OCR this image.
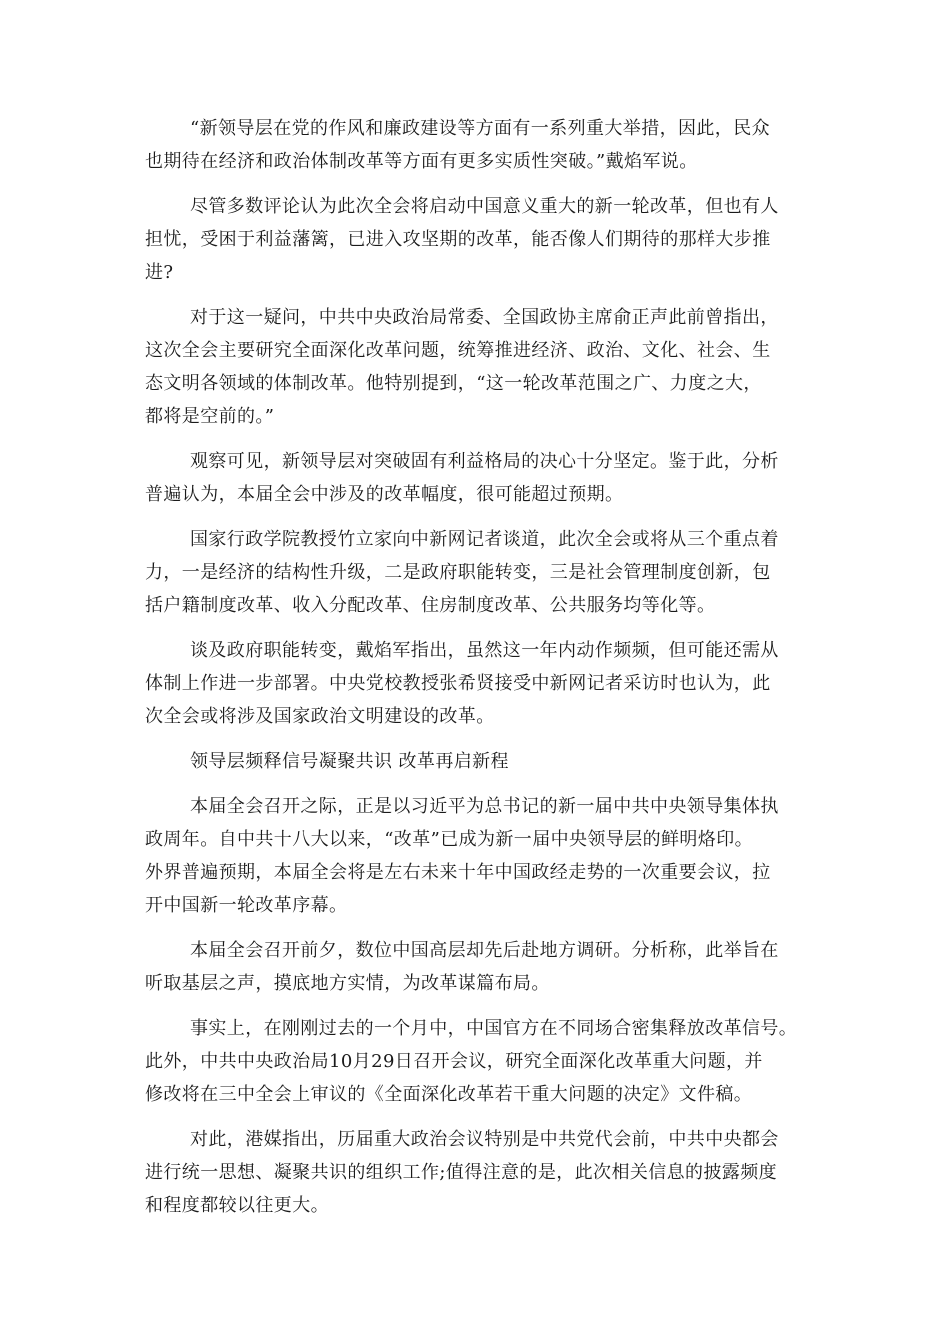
“新领导层在党的作风和廉政建设等方面有一系列重大举措，因此，民众
也期待在经济和政治体制改革等方面有更多实质性突破。”戴焰军说。

尽管多数评论认为此次全会将启动中国意义重大的新一轮改革，但也有人
担忧，受困于利益藩篱，已进入攻坚期的改革，能否像人们期待的那样大步推
进?

对于这一疑问，中共中央政治局常委、全国政协主席俞正声此前曾指出，
这次全会主要研究全面深化改革问题，统筹推进经济、政治、文化、社会、生
态文明各领域的体制改革。他特别提到，“这一轮改革范围之广、力度之大，
都将是空前的。”

观察可见，新领导层对突破固有利益格局的决心十分坚定。鉴于此，分析
普遍认为，本届全会中涉及的改革幅度，很可能超过预期。

国家行政学院教授竹立家向中新网记者谈道，此次全会或将从三个重点着
力，一是经济的结构性升级，二是政府职能转变，三是社会管理制度创新，包
括户籍制度改革、收入分配改革、住房制度改革、公共服务均等化等。

谈及政府职能转变，戴焰军指出，虽然这一年内动作频频，但可能还需从
体制上作进一步部署。中央党校教授张希贤接受中新网记者采访时也认为，此
次全会或将涉及国家政治文明建设的改革。

领导层频释信号凝聚共识 改革再启新程

本届全会召开之际，正是以习近平为总书记的新一届中共中央领导集体执
政周年。自中共十八大以来，“改革”已成为新一届中央领导层的鲜明烙印。
外界普遍预期，本届全会将是左右未来十年中国政经走势的一次重要会议，拉
开中国新一轮改革序幕。

本届全会召开前夕，数位中国高层却先后赴地方调研。分析称，此举旨在
听取基层之声，摸底地方实情，为改革谋篇布局。

事实上，在刚刚过去的一个月中，中国官方在不同场合密集释放改革信号。
此外，中共中央政治局10月29日召开会议，研究全面深化改革重大问题，并
修改将在三中全会上审议的《全面深化改革若干重大问题的决定》文件稿。

对此，港媒指出，历届重大政治会议特别是中共党代会前，中共中央都会
进行统一思想、凝聚共识的组织工作;值得注意的是，此次相关信息的披露频度
和程度都较以往更大。
